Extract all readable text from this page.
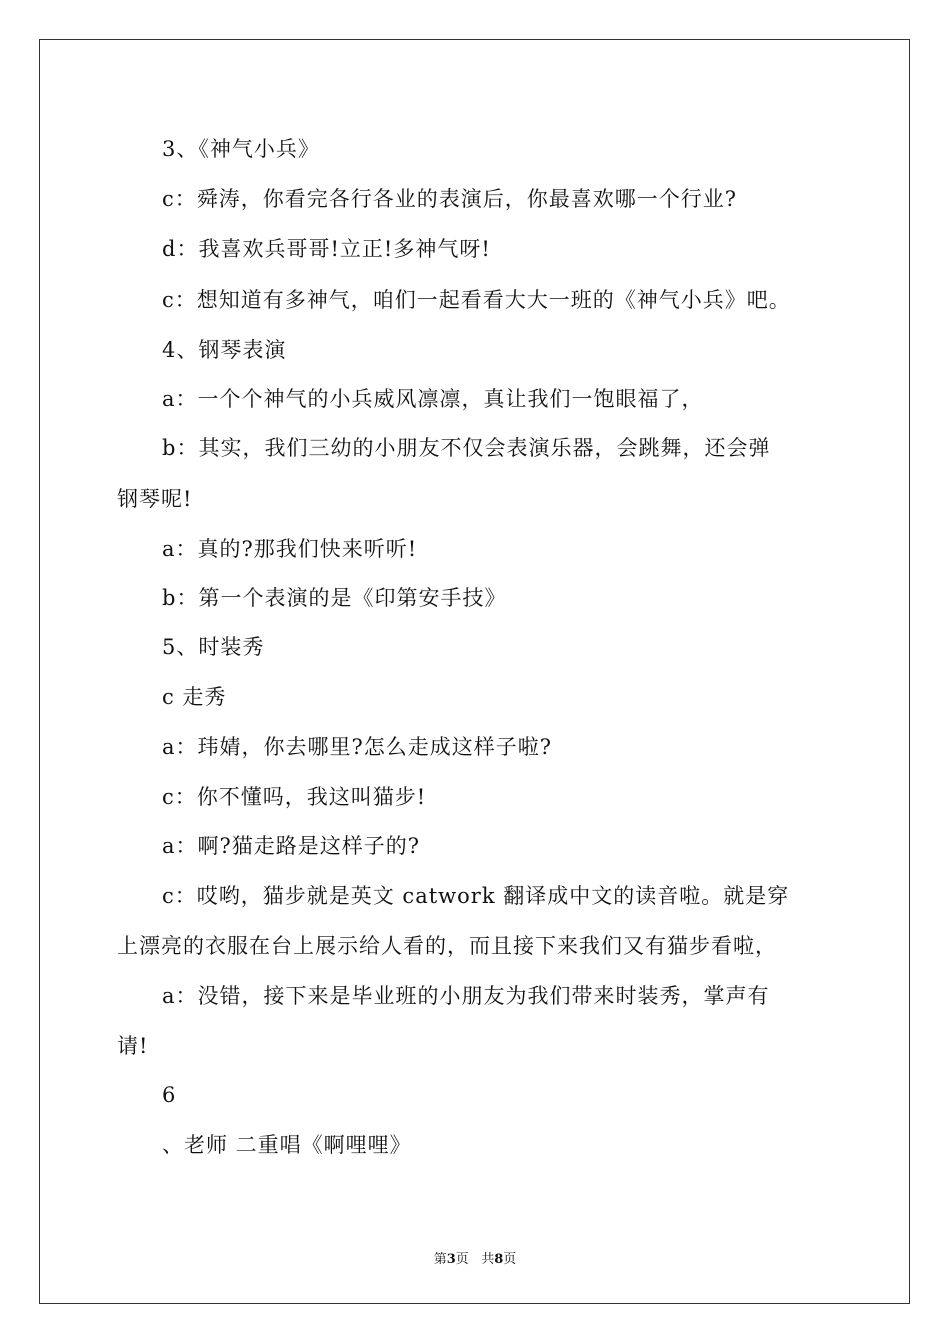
3、《神气小兵》
c：舜涛，你看完各行各业的表演后，你最喜欢哪一个行业?
d：我喜欢兵哥哥!立正!多神气呀!
c：想知道有多神气，咱们一起看看大大一班的《神气小兵》吧。
4、钢琴表演
a：一个个神气的小兵威风凛凛，真让我们一饱眼福了，
b：其实，我们三幼的小朋友不仅会表演乐器，会跳舞，还会弹
钢琴呢!
a：真的?那我们快来听听!
b：第一个表演的是《印第安手技》
5、时装秀
c 走秀
a：玮婧，你去哪里?怎么走成这样子啦?
c：你不懂吗，我这叫猫步!
a：啊?猫走路是这样子的?
c：哎哟，猫步就是英文 catwork 翻译成中文的读音啦。就是穿
上漂亮的衣服在台上展示给人看的，而且接下来我们又有猫步看啦，
a：没错，接下来是毕业班的小朋友为我们带来时装秀，掌声有
请!
6
、老师 二重唱《啊哩哩》
第3页 共8页
